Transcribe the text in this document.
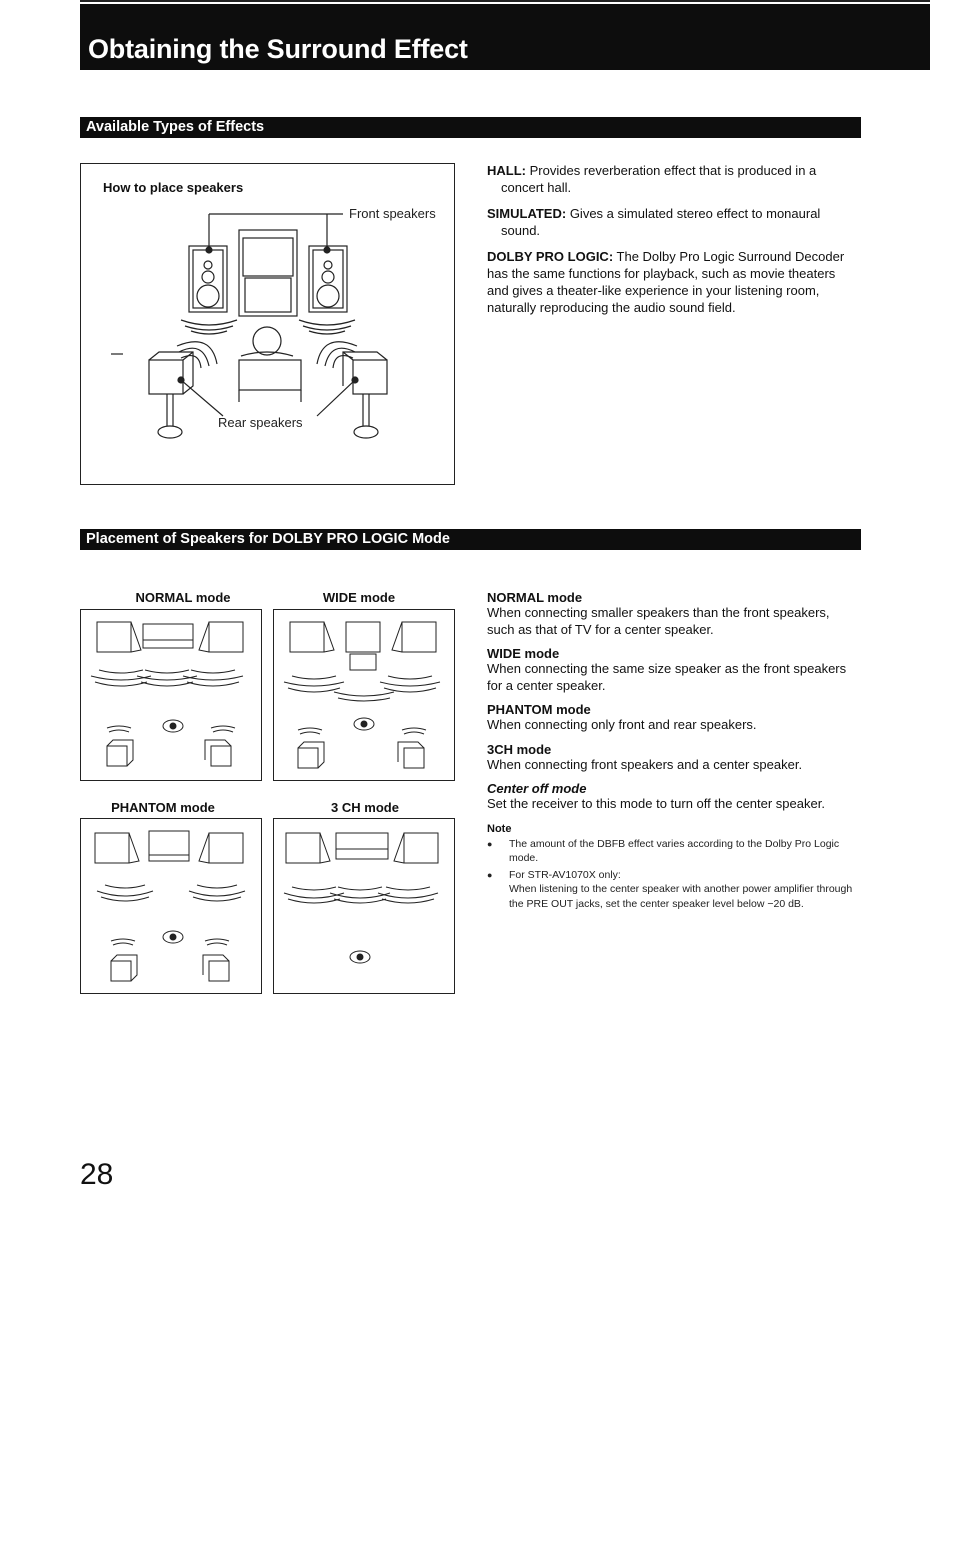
Obtaining the Surround Effect
Available Types of Effects
How to place speakers
Front speakers
Rear speakers

HALL: Provides reverberation effect that is produced in a concert hall.

SIMULATED: Gives a simulated stereo effect to monaural sound.

DOLBY PRO LOGIC: The Dolby Pro Logic Surround Decoder has the same functions for playback, such as movie theaters and gives a theater-like experience in your listening room, naturally reproducing the audio sound field.

Placement of Speakers for DOLBY PRO LOGIC Mode
NORMAL mode	WIDE mode
PHANTOM mode	3 CH mode

NORMAL mode

When connecting smaller speakers than the front speakers, such as that of TV for a center speaker.

WIDE mode

When connecting the same size speaker as the front speakers for a center speaker.

PHANTOM mode

When connecting only front and rear speakers.

3CH mode

When connecting front speakers and a center speaker.

Center off mode

Set the receiver to this mode to turn off the center speaker.

Note

● The amount of the DBFB effect varies according to the Dolby Pro Logic mode.
● For STR-AV1070X only:
When listening to the center speaker with another power amplifier through the PRE OUT jacks, set the center speaker level below −20 dB.
28
